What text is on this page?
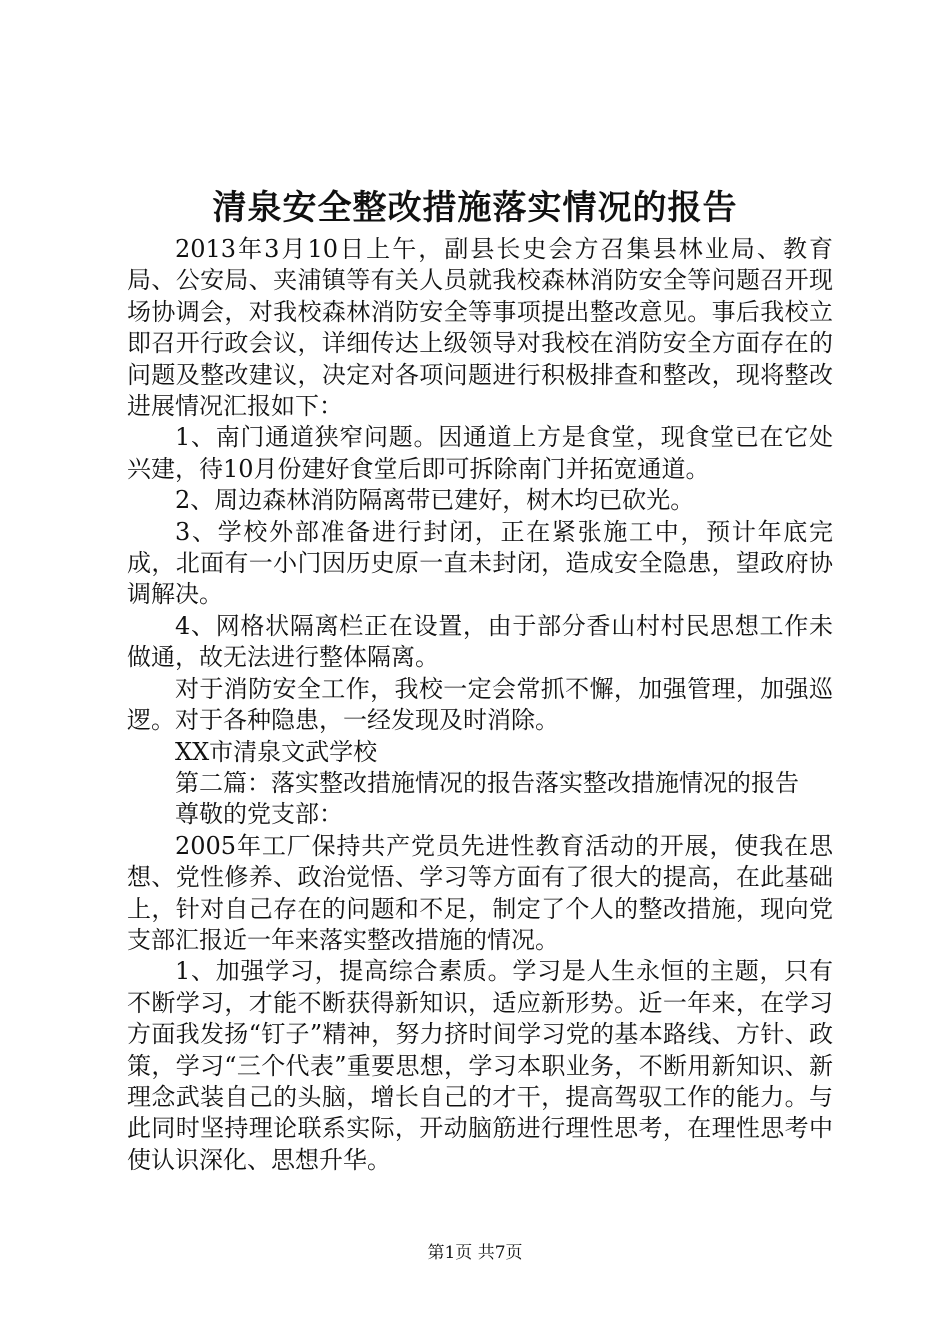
清泉安全整改措施落实情况的报告

2013年3月10日上午，副县长史会方召集县林业局、教育局、公安局、夹浦镇等有关人员就我校森林消防安全等问题召开现场协调会，对我校森林消防安全等事项提出整改意见。事后我校立即召开行政会议，详细传达上级领导对我校在消防安全方面存在的问题及整改建议，决定对各项问题进行积极排查和整改，现将整改进展情况汇报如下：

1、南门通道狭窄问题。因通道上方是食堂，现食堂已在它处兴建，待10月份建好食堂后即可拆除南门并拓宽通道。

2、周边森林消防隔离带已建好，树木均已砍光。

3、学校外部准备进行封闭，正在紧张施工中，预计年底完成，北面有一小门因历史原一直未封闭，造成安全隐患，望政府协调解决。

4、网格状隔离栏正在设置，由于部分香山村村民思想工作未做通，故无法进行整体隔离。

对于消防安全工作，我校一定会常抓不懈，加强管理，加强巡逻。对于各种隐患，一经发现及时消除。

XX市清泉文武学校

第二篇：落实整改措施情况的报告落实整改措施情况的报告

尊敬的党支部：

2005年工厂保持共产党员先进性教育活动的开展，使我在思想、党性修养、政治觉悟、学习等方面有了很大的提高，在此基础上，针对自己存在的问题和不足，制定了个人的整改措施，现向党支部汇报近一年来落实整改措施的情况。

1、加强学习，提高综合素质。学习是人生永恒的主题，只有不断学习，才能不断获得新知识，适应新形势。近一年来，在学习方面我发扬“钉子”精神，努力挤时间学习党的基本路线、方针、政策，学习“三个代表”重要思想，学习本职业务，不断用新知识、新理念武装自己的头脑，增长自己的才干，提高驾驭工作的能力。与此同时坚持理论联系实际，开动脑筋进行理性思考，在理性思考中使认识深化、思想升华。

第1页 共7页
